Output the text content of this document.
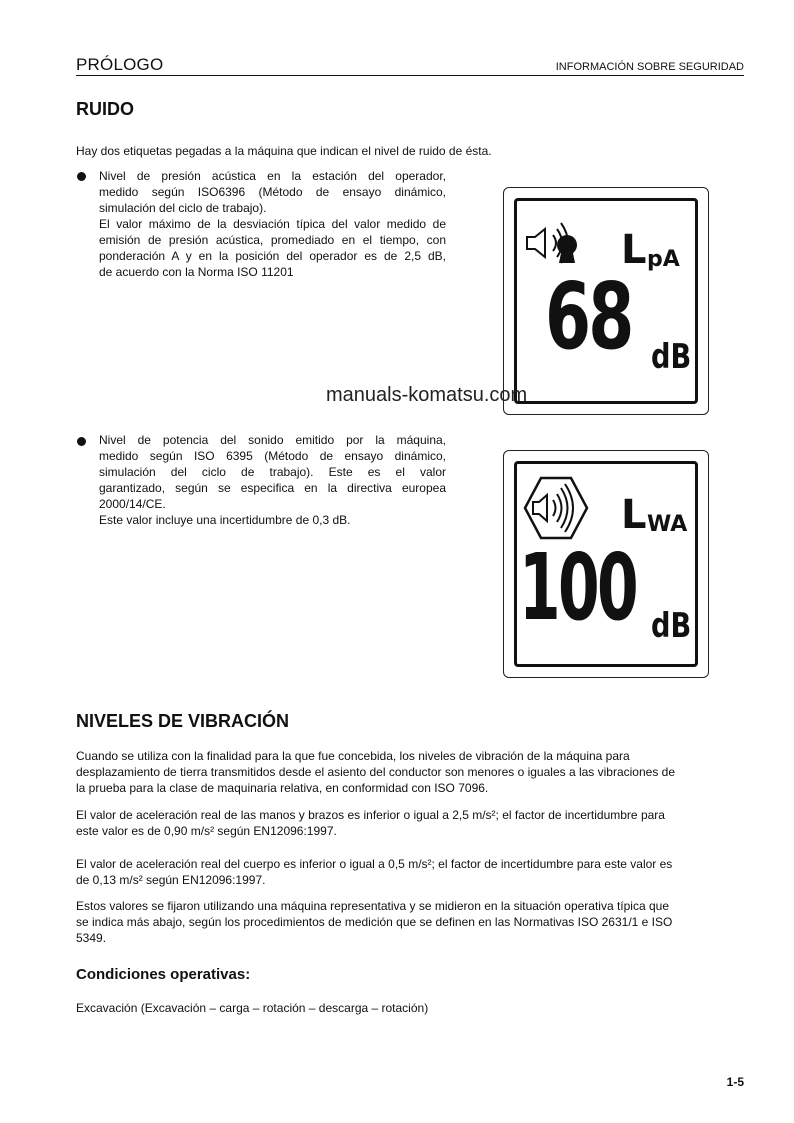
PRÓLOGO	INFORMACIÓN SOBRE SEGURIDAD
RUIDO

Hay dos etiquetas pegadas a la máquina que indican el nivel de ruido de ésta.

Nivel de presión acústica en la estación del operador,
medido según ISO6396 (Método de ensayo dinámico,
simulación del ciclo de trabajo).
El valor máximo de la desviación típica del valor medido de
emisión de presión acústica, promediado en el tiempo, con
ponderación A y en la posición del operador es de 2,5 dB,
de acuerdo con la Norma ISO 11201	L pA
68 dB
manuals-komatsu.com
Nivel de potencia del sonido emitido por la máquina,
medido según ISO 6395 (Método de ensayo dinámico,
simulación del ciclo de trabajo). Este es el valor
garantizado, según se especifica en la directiva europea
2000/14/CE.
Este valor incluye una incertidumbre de 0,3 dB.	L WA
100 dB
NIVELES DE VIBRACIÓN
Cuando se utiliza con la finalidad para la que fue concebida, los niveles de vibración de la máquina para
desplazamiento de tierra transmitidos desde el asiento del conductor son menores o iguales a las vibraciones de
la prueba para la clase de maquinaria relativa, en conformidad con ISO 7096.
El valor de aceleración real de las manos y brazos es inferior o igual a 2,5 m/s²; el factor de incertidumbre para
este valor es de 0,90 m/s² según EN12096:1997.
El valor de aceleración real del cuerpo es inferior o igual a 0,5 m/s²; el factor de incertidumbre para este valor es
de 0,13 m/s² según EN12096:1997.
Estos valores se fijaron utilizando una máquina representativa y se midieron en la situación operativa típica que
se indica más abajo, según los procedimientos de medición que se definen en las Normativas ISO 2631/1 e ISO
5349.
Condiciones operativas:

Excavación (Excavación – carga – rotación – descarga – rotación)

1-5
